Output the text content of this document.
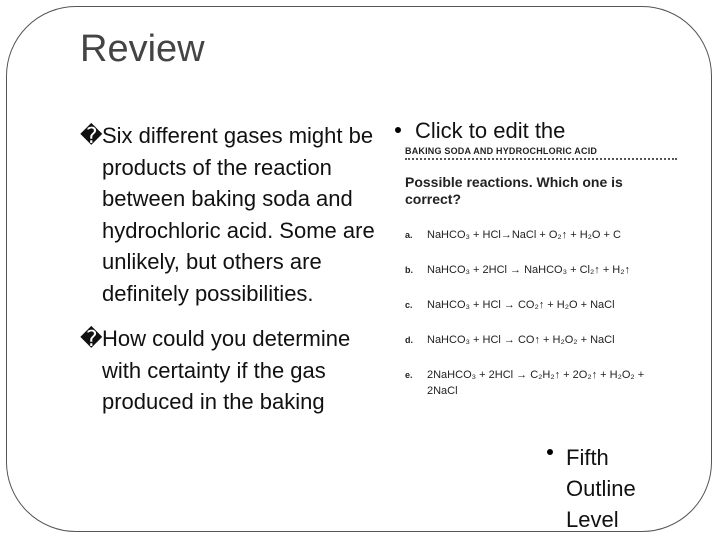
Review
� Six different gases might be products of the reaction between baking soda and hydrochloric acid. Some are unlikely, but others are definitely possibilities.
� How could you determine with certainty if the gas produced in the baking
Click to edit the
BAKING SODA AND HYDROCHLORIC ACID
Possible reactions. Which one is correct?
a.	NaHCO₃ + HCl→NaCl + O₂↑ + H₂O + C
b.	NaHCO₃ + 2HCl → NaHCO₃ + Cl₂↑ + H₂↑
c.	NaHCO₃ + HCl → CO₂↑ + H₂O + NaCl
d.	NaHCO₃ + HCl → CO↑ + H₂O₂ + NaCl
e.	2NaHCO₃ + 2HCl → C₂H₂↑ + 2O₂↑ + H₂O₂ + 2NaCl
Fifth Outline Level
